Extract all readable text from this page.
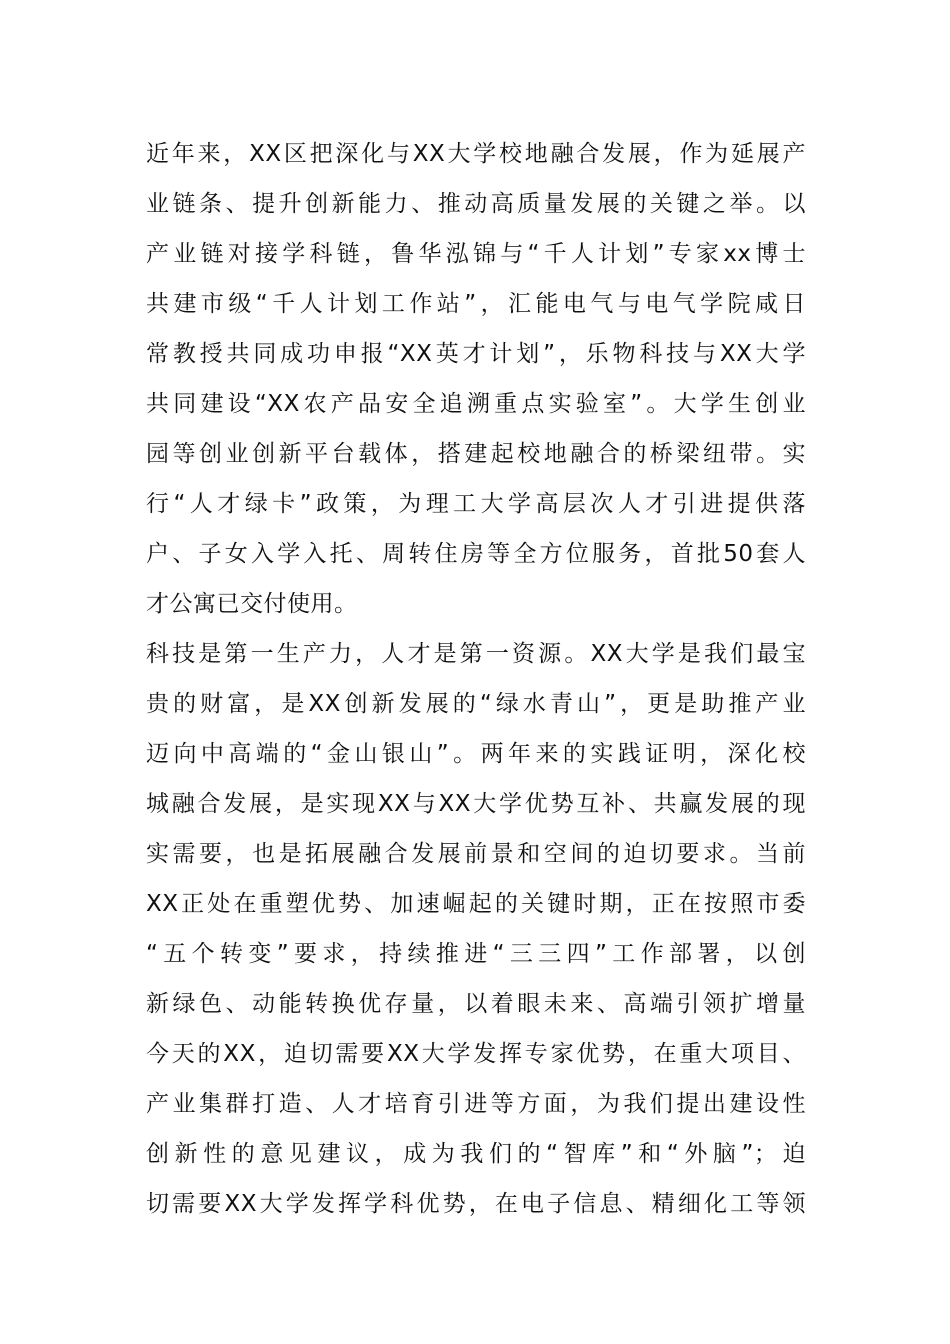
近年来，XX区把深化与XX大学校地融合发展，作为延展产
业链条、提升创新能力、推动高质量发展的关键之举。以
产业链对接学科链，鲁华泓锦与“千人计划”专家xx博士
共建市级“千人计划工作站”，汇能电气与电气学院咸日
常教授共同成功申报“XX英才计划”，乐物科技与XX大学
共同建设“XX农产品安全追溯重点实验室”。大学生创业
园等创业创新平台载体，搭建起校地融合的桥梁纽带。实
行“人才绿卡”政策，为理工大学高层次人才引进提供落
户、子女入学入托、周转住房等全方位服务，首批50套人
才公寓已交付使用。
科技是第一生产力，人才是第一资源。XX大学是我们最宝
贵的财富，是XX创新发展的“绿水青山”，更是助推产业
迈向中高端的“金山银山”。两年来的实践证明，深化校
城融合发展，是实现XX与XX大学优势互补、共赢发展的现
实需要，也是拓展融合发展前景和空间的迫切要求。当前
XX正处在重塑优势、加速崛起的关键时期，正在按照市委
“五个转变”要求，持续推进“三三四”工作部署，以创
新绿色、动能转换优存量，以着眼未来、高端引领扩增量
今天的XX，迫切需要XX大学发挥专家优势，在重大项目、
产业集群打造、人才培育引进等方面，为我们提出建设性
创新性的意见建议，成为我们的“智库”和“外脑”；迫
切需要XX大学发挥学科优势，在电子信息、精细化工等领
